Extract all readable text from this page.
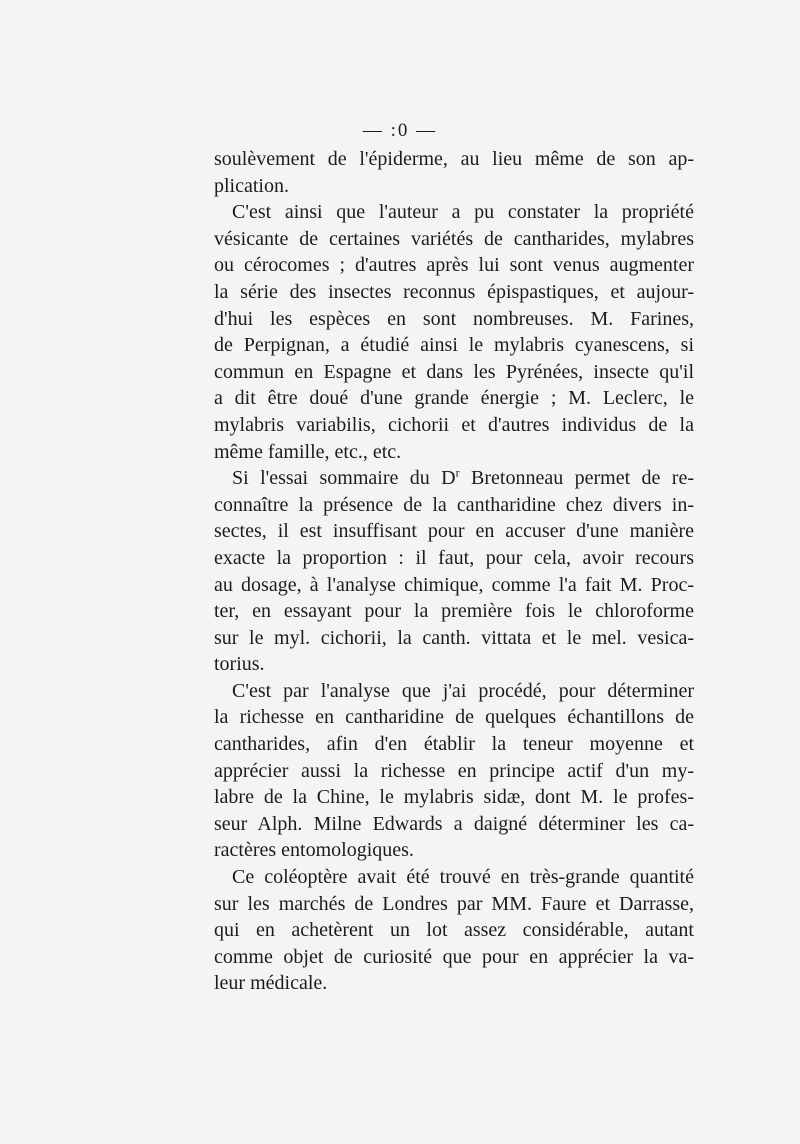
— :0 —
soulèvement de l'épiderme, au lieu même de son ap-
plication.
C'est ainsi que l'auteur a pu constater la propriété
vésicante de certaines variétés de cantharides, mylabres
ou cérocomes ; d'autres après lui sont venus augmenter
la série des insectes reconnus épispastiques, et aujour-
d'hui les espèces en sont nombreuses. M. Farines,
de Perpignan, a étudié ainsi le mylabris cyanescens, si
commun en Espagne et dans les Pyrénées, insecte qu'il
a dit être doué d'une grande énergie ; M. Leclerc, le
mylabris variabilis, cichorii et d'autres individus de la
même famille, etc., etc.
Si l'essai sommaire du $D^r$ Bretonneau permet de re-
connaître la présence de la cantharidine chez divers in-
sectes, il est insuffisant pour en accuser d'une manière
exacte la proportion : il faut, pour cela, avoir recours
au dosage, à l'analyse chimique, comme l'a fait M. Proc-
ter, en essayant pour la première fois le chloroforme
sur le myl. cichorii, la canth. vittata et le mel. vesica-
torius.
C'est par l'analyse que j'ai procédé, pour déterminer
la richesse en cantharidine de quelques échantillons de
cantharides, afin d'en établir la teneur moyenne et
apprécier aussi la richesse en principe actif d'un my-
labre de la Chine, le mylabris sidæ, dont M. le profes-
seur Alph. Milne Edwards a daigné déterminer les ca-
ractères entomologiques.
Ce coléoptère avait été trouvé en très-grande quantité
sur les marchés de Londres par MM. Faure et Darrasse,
qui en achetèrent un lot assez considérable, autant
comme objet de curiosité que pour en apprécier la va-
leur médicale.
